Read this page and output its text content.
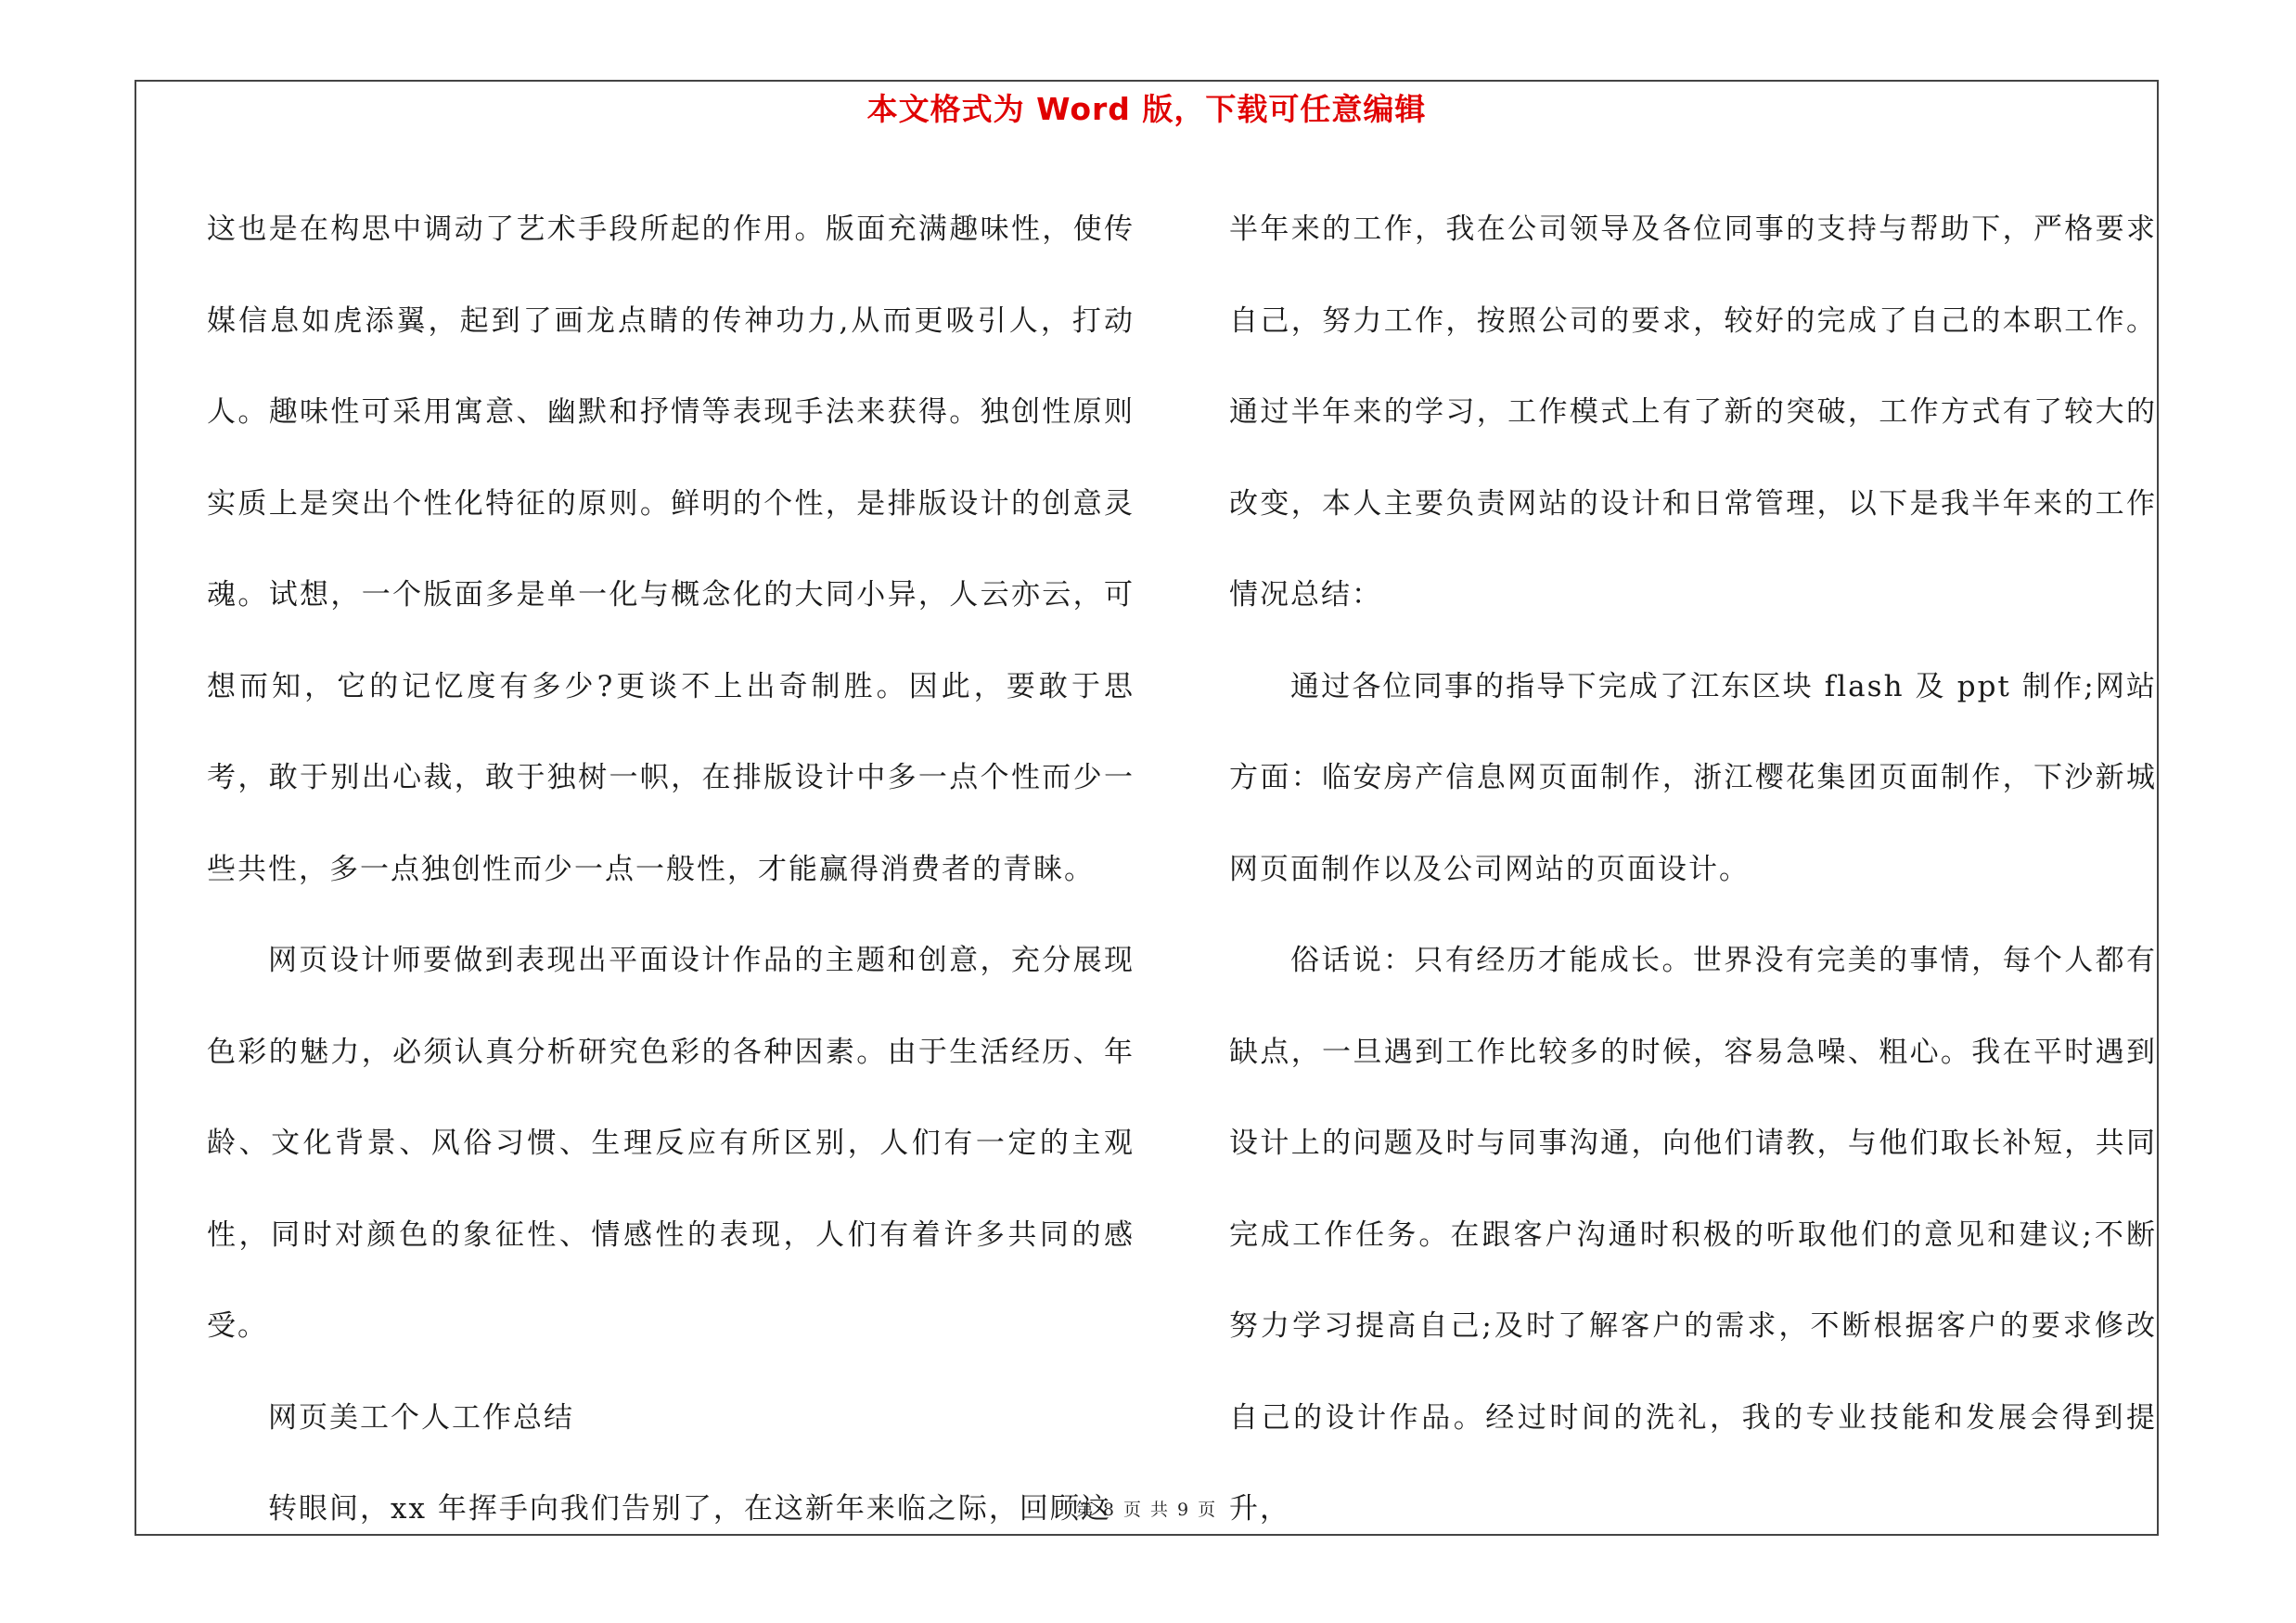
本文格式为 Word 版，下载可任意编辑

这也是在构思中调动了艺术手段所起的作用。版面充满趣味性，使传媒信息如虎添翼，起到了画龙点睛的传神功力,从而更吸引人，打动人。趣味性可采用寓意、幽默和抒情等表现手法来获得。独创性原则实质上是突出个性化特征的原则。鲜明的个性，是排版设计的创意灵魂。试想，一个版面多是单一化与概念化的大同小异，人云亦云，可想而知，它的记忆度有多少?更谈不上出奇制胜。因此，要敢于思考，敢于别出心裁，敢于独树一帜，在排版设计中多一点个性而少一些共性，多一点独创性而少一点一般性，才能赢得消费者的青睐。

网页设计师要做到表现出平面设计作品的主题和创意，充分展现色彩的魅力，必须认真分析研究色彩的各种因素。由于生活经历、年龄、文化背景、风俗习惯、生理反应有所区别，人们有一定的主观性，同时对颜色的象征性、情感性的表现，人们有着许多共同的感受。

网页美工个人工作总结

转眼间，xx 年挥手向我们告别了，在这新年来临之际，回顾这

半年来的工作，我在公司领导及各位同事的支持与帮助下，严格要求自己，努力工作，按照公司的要求，较好的完成了自己的本职工作。通过半年来的学习，工作模式上有了新的突破，工作方式有了较大的改变，本人主要负责网站的设计和日常管理，以下是我半年来的工作情况总结：

通过各位同事的指导下完成了江东区块 flash 及 ppt 制作;网站方面：临安房产信息网页面制作，浙江樱花集团页面制作，下沙新城网页面制作以及公司网站的页面设计。

俗话说：只有经历才能成长。世界没有完美的事情，每个人都有缺点，一旦遇到工作比较多的时候，容易急噪、粗心。我在平时遇到设计上的问题及时与同事沟通，向他们请教，与他们取长补短，共同完成工作任务。在跟客户沟通时积极的听取他们的意见和建议;不断努力学习提高自己;及时了解客户的需求，不断根据客户的要求修改自己的设计作品。经过时间的洗礼，我的专业技能和发展会得到提升，

第 8 页 共 9 页
